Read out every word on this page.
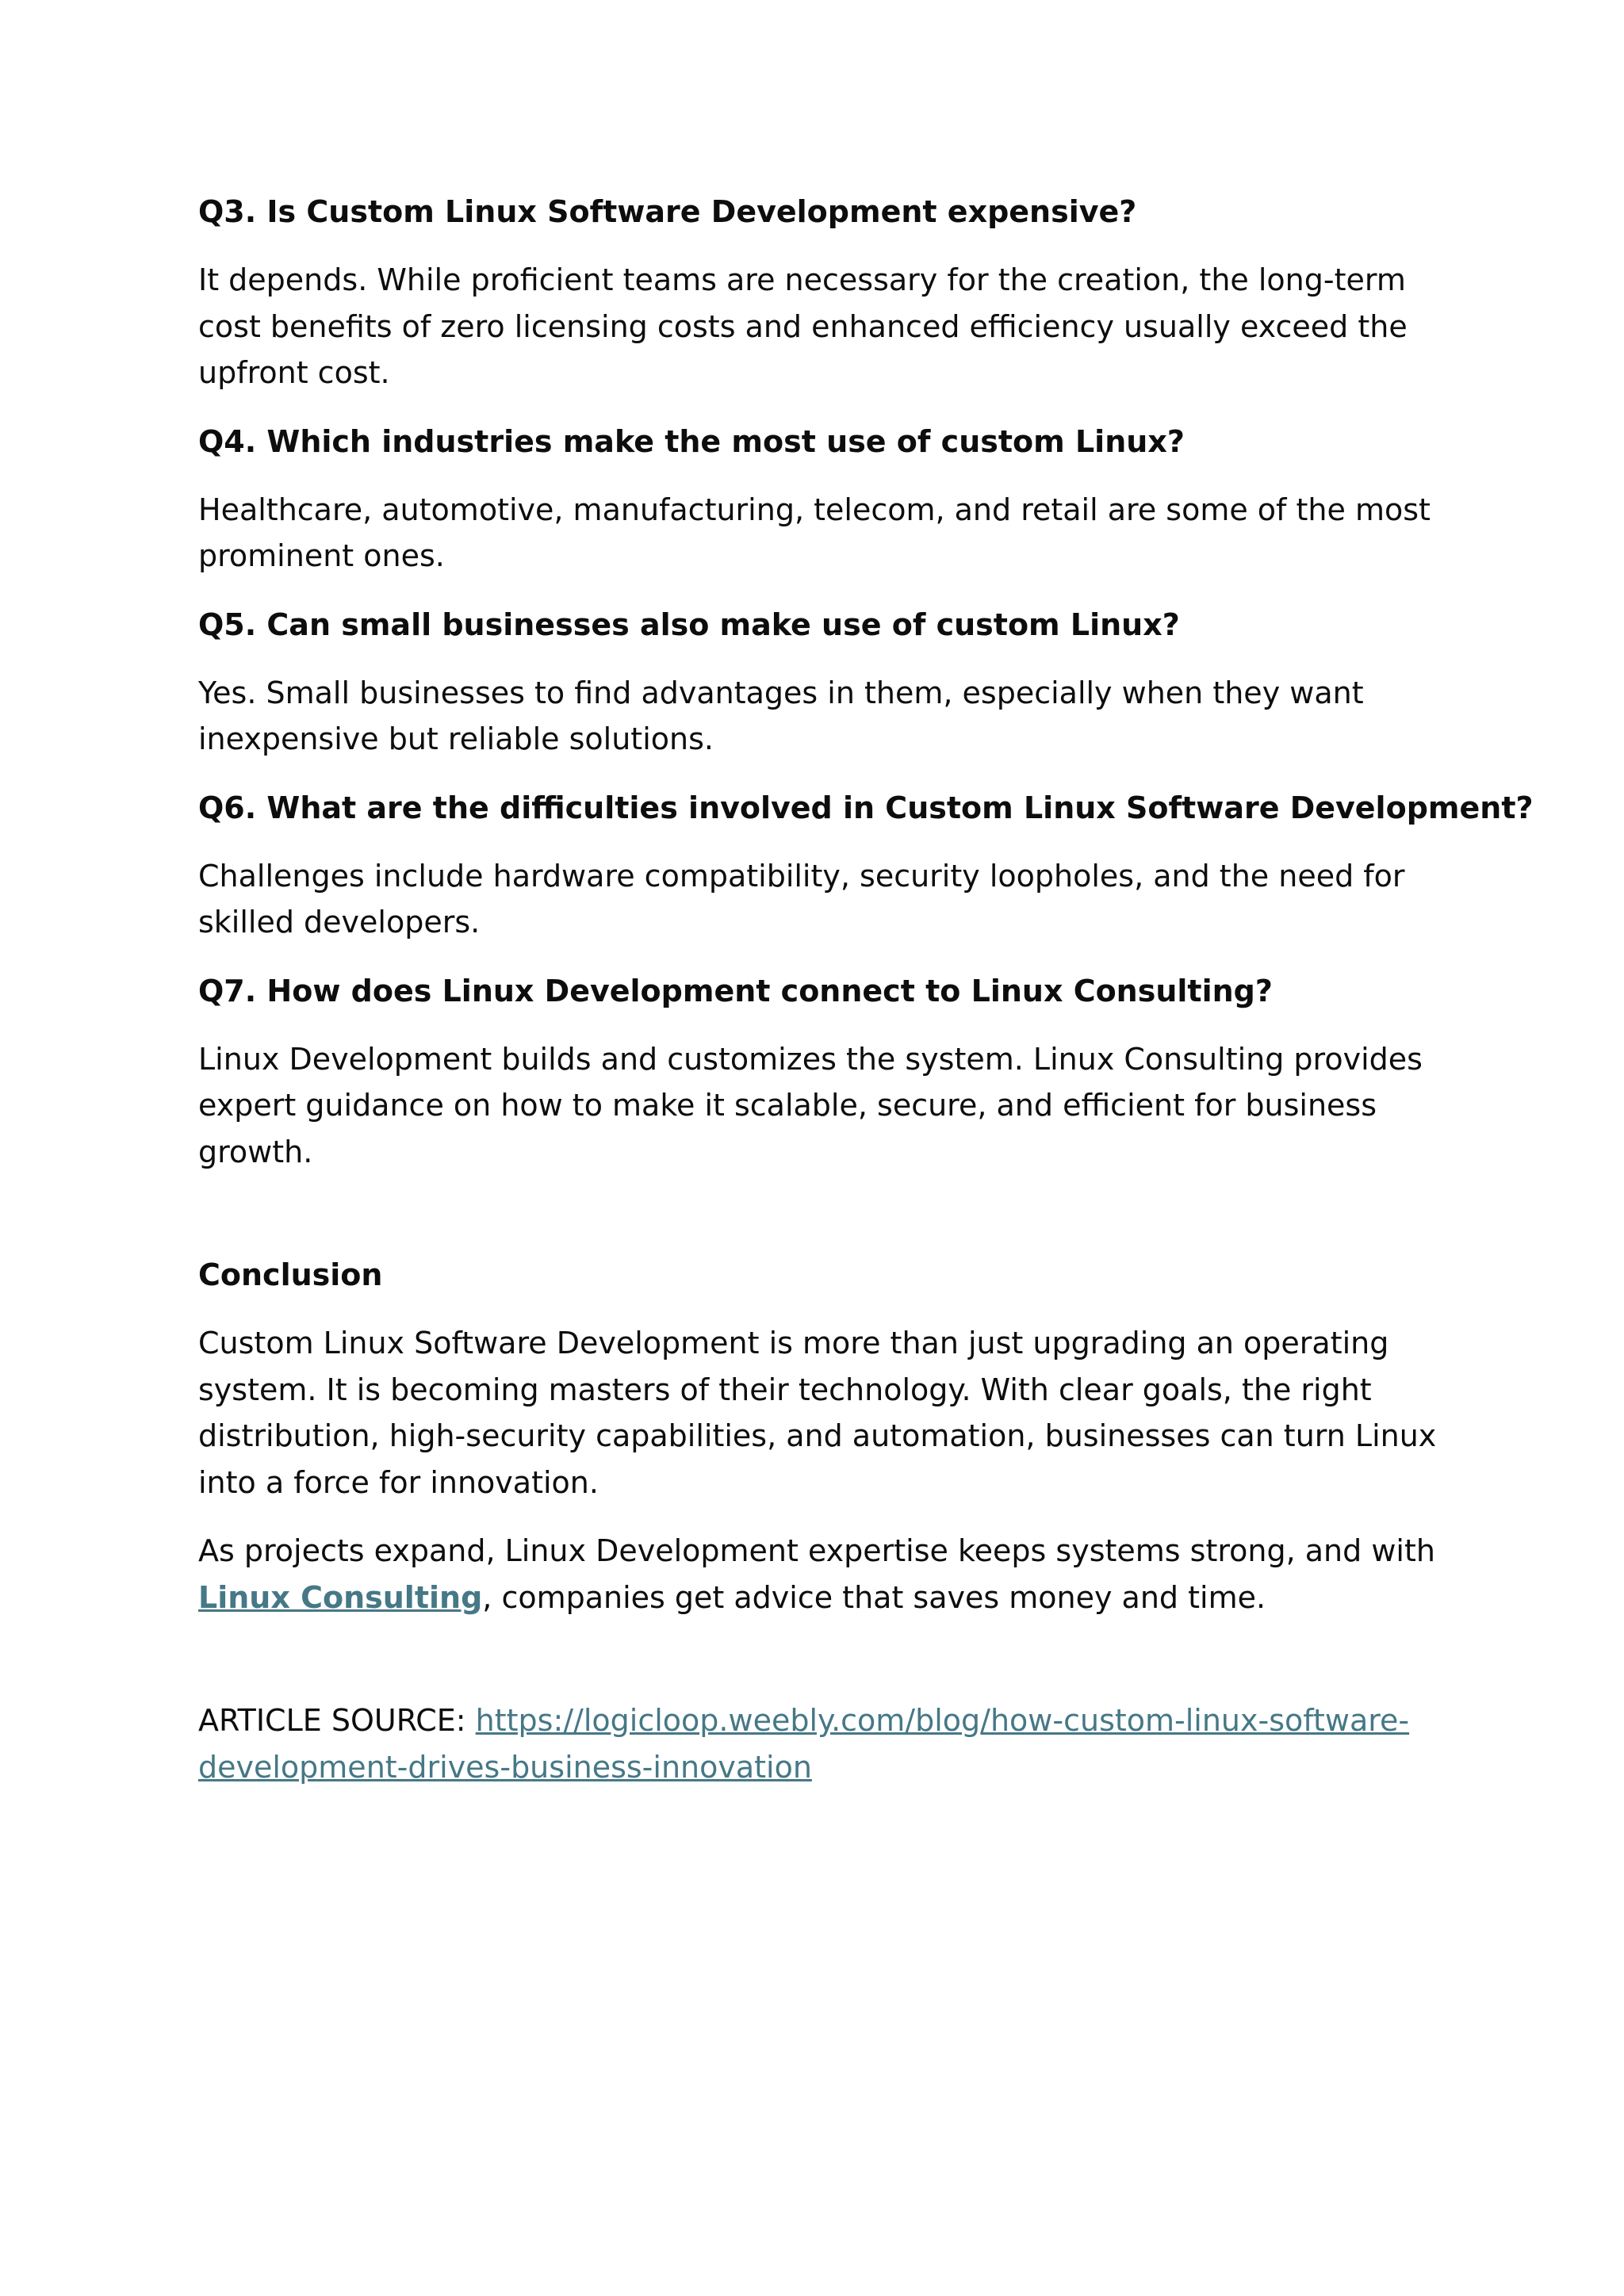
Q3. Is Custom Linux Software Development expensive?
It depends. While proficient teams are necessary for the creation, the long-term cost benefits of zero licensing costs and enhanced efficiency usually exceed the upfront cost.
Q4. Which industries make the most use of custom Linux?
Healthcare, automotive, manufacturing, telecom, and retail are some of the most prominent ones.
Q5. Can small businesses also make use of custom Linux?
Yes. Small businesses to find advantages in them, especially when they want inexpensive but reliable solutions.
Q6. What are the difficulties involved in Custom Linux Software Development?
Challenges include hardware compatibility, security loopholes, and the need for skilled developers.
Q7. How does Linux Development connect to Linux Consulting?
Linux Development builds and customizes the system. Linux Consulting provides expert guidance on how to make it scalable, secure, and efficient for business growth.
Conclusion
Custom Linux Software Development is more than just upgrading an operating system. It is becoming masters of their technology. With clear goals, the right distribution, high-security capabilities, and automation, businesses can turn Linux into a force for innovation.
As projects expand, Linux Development expertise keeps systems strong, and with Linux Consulting, companies get advice that saves money and time.
ARTICLE SOURCE: https://logicloop.weebly.com/blog/how-custom-linux-software-development-drives-business-innovation
